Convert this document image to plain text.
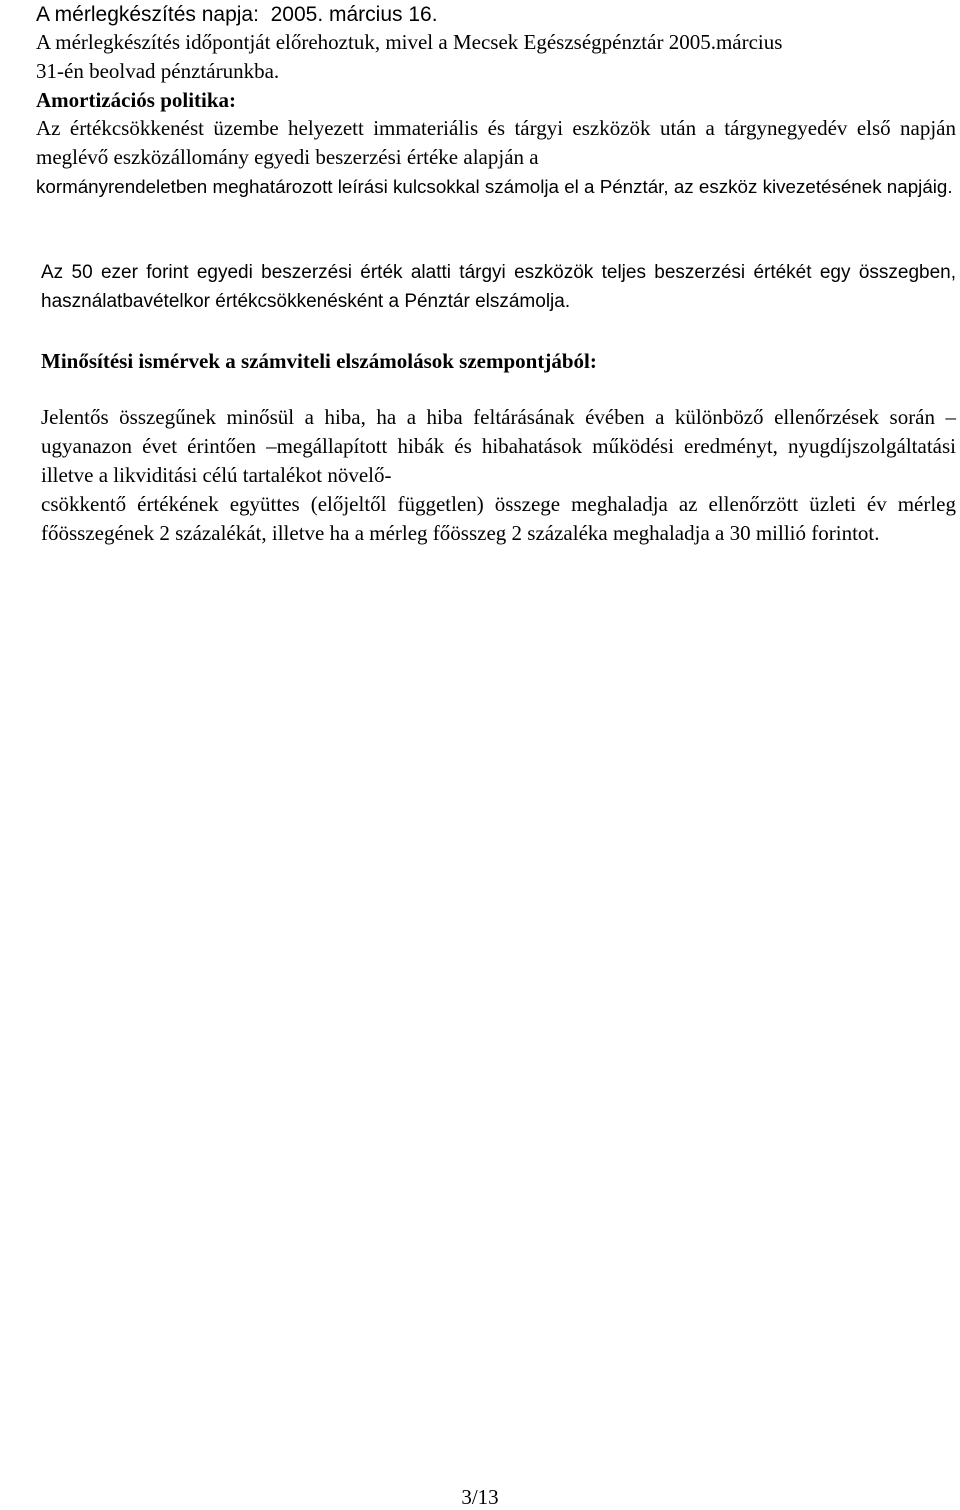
A mérlegkészítés napja: 2005. március 16.

A mérlegkészítés időpontját előrehoztuk, mivel a Mecsek Egészségpénztár 2005.március
31-én beolvad pénztárunkba.

Amortizációs politika:

Az értékcsökkenést üzembe helyezett immateriális és tárgyi eszközök után a tárgynegyedév első napján meglévő eszközállomány egyedi beszerzési értéke alapján a

kormányrendeletben meghatározott leírási kulcsokkal számolja el a Pénztár, az eszköz kivezetésének napjáig.

Az 50 ezer forint egyedi beszerzési érték alatti tárgyi eszközök teljes beszerzési értékét egy összegben, használatbavételkor értékcsökkenésként a Pénztár elszámolja.

Minősítési ismérvek a számviteli elszámolások szempontjából:

Jelentős összegűnek minősül a hiba, ha a hiba feltárásának évében a különböző ellenőrzések során – ugyanazon évet érintően –megállapított hibák és hibahatások működési eredményt, nyugdíjszolgáltatási illetve a likviditási célú tartalékot növelő-
csökkentő értékének együttes (előjeltől független) összege meghaladja az ellenőrzött üzleti év mérleg főösszegének 2 százalékát, illetve ha a mérleg főösszeg 2 százaléka meghaladja a 30 millió forintot.

3/13
